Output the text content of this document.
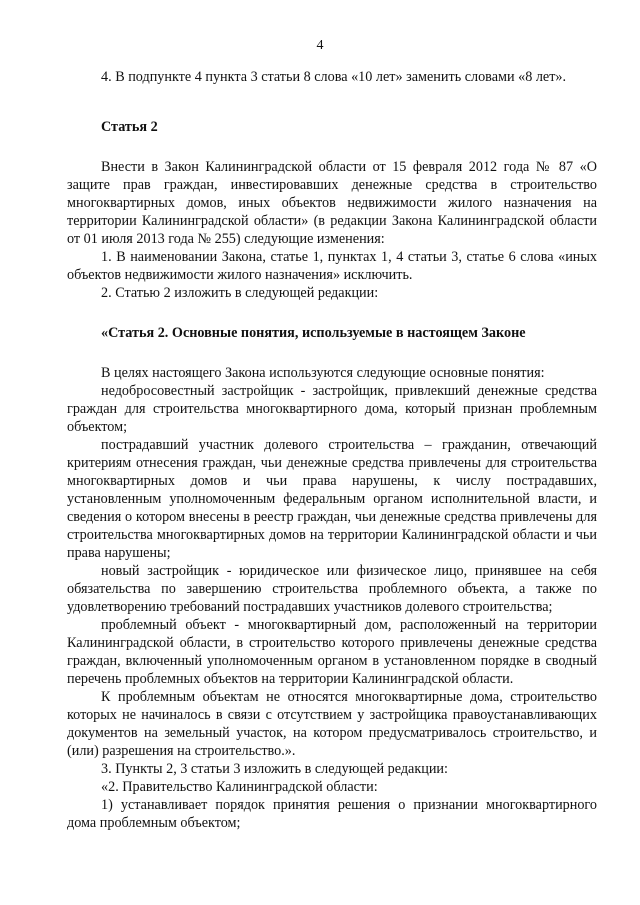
4

4. В подпункте 4 пункта 3 статьи 8 слова «10 лет» заменить словами «8 лет».

Статья 2

Внести в Закон Калининградской области от 15 февраля 2012 года № 87 «О защите прав граждан, инвестировавших денежные средства в строительство многоквартирных домов, иных объектов недвижимости жилого назначения на территории Калининградской области» (в редакции Закона Калининградской области от 01 июля 2013 года № 255) следующие изменения:

1. В наименовании Закона, статье 1, пунктах 1, 4 статьи 3, статье 6 слова «иных объектов недвижимости жилого назначения» исключить.

2. Статью 2 изложить в следующей редакции:

«Статья 2. Основные понятия, используемые в настоящем Законе

В целях настоящего Закона используются следующие основные понятия:

недобросовестный застройщик - застройщик, привлекший денежные средства граждан для строительства многоквартирного дома, который признан проблемным объектом;

пострадавший участник долевого строительства – гражданин, отвечающий критериям отнесения граждан, чьи денежные средства привлечены для строительства многоквартирных домов и чьи права нарушены, к числу пострадавших, установленным уполномоченным федеральным органом исполнительной власти, и сведения о котором внесены в реестр граждан, чьи денежные средства привлечены для строительства многоквартирных домов на территории Калининградской области и чьи права нарушены;

новый застройщик - юридическое или физическое лицо, принявшее на себя обязательства по завершению строительства проблемного объекта, а также по удовлетворению требований пострадавших участников долевого строительства;

проблемный объект - многоквартирный дом, расположенный на территории Калининградской области, в строительство которого привлечены денежные средства граждан, включенный уполномоченным органом в установленном порядке в сводный перечень проблемных объектов на территории Калининградской области.

К проблемным объектам не относятся многоквартирные дома, строительство которых не начиналось в связи с отсутствием у застройщика правоустанавливающих документов на земельный участок, на котором предусматривалось строительство, и (или) разрешения на строительство.».

3. Пункты 2, 3 статьи 3 изложить в следующей редакции:

«2. Правительство Калининградской области:

1) устанавливает порядок принятия решения о признании многоквартирного дома проблемным объектом;
